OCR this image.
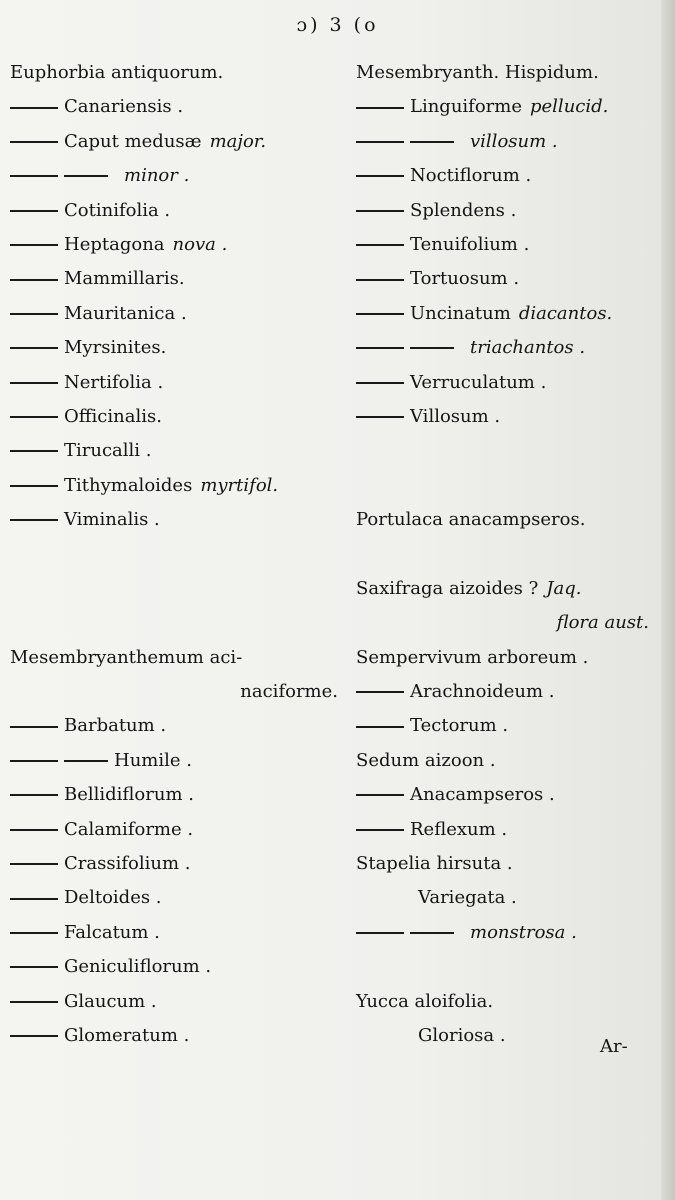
ɔ) 3 (ο
Euphorbia antiquorum.
Canariensis .
Caput medusæ major.
minor .
Cotinifolia .
Heptagona nova .
Mammillaris.
Mauritanica .
Myrsinites.
Nertifolia .
Officinalis.
Tirucalli .
Tithymaloides myrtifol.
Viminalis .
Mesembryanthemum aci-
naciforme.
Barbatum .
Humile .
Bellidiflorum .
Calamiforme .
Crassifolium .
Deltoides .
Falcatum .
Geniculiflorum .
Glaucum .
Glomeratum .
Mesembryanth. Hispidum.
Linguiforme pellucid.
villosum .
Noctiflorum .
Splendens .
Tenuifolium .
Tortuosum .
Uncinatum diacantos.
triachantos .
Verruculatum .
Villosum .
Portulaca anacampseros.
Saxifraga aizoides ? Jaq.
flora aust.
Sempervivum arboreum .
Arachnoideum .
Tectorum .
Sedum aizoon .
Anacampseros .
Reflexum .
Stapelia hirsuta .
Variegata .
monstrosa .
Yucca aloifolia.
Gloriosa .
Ar-
